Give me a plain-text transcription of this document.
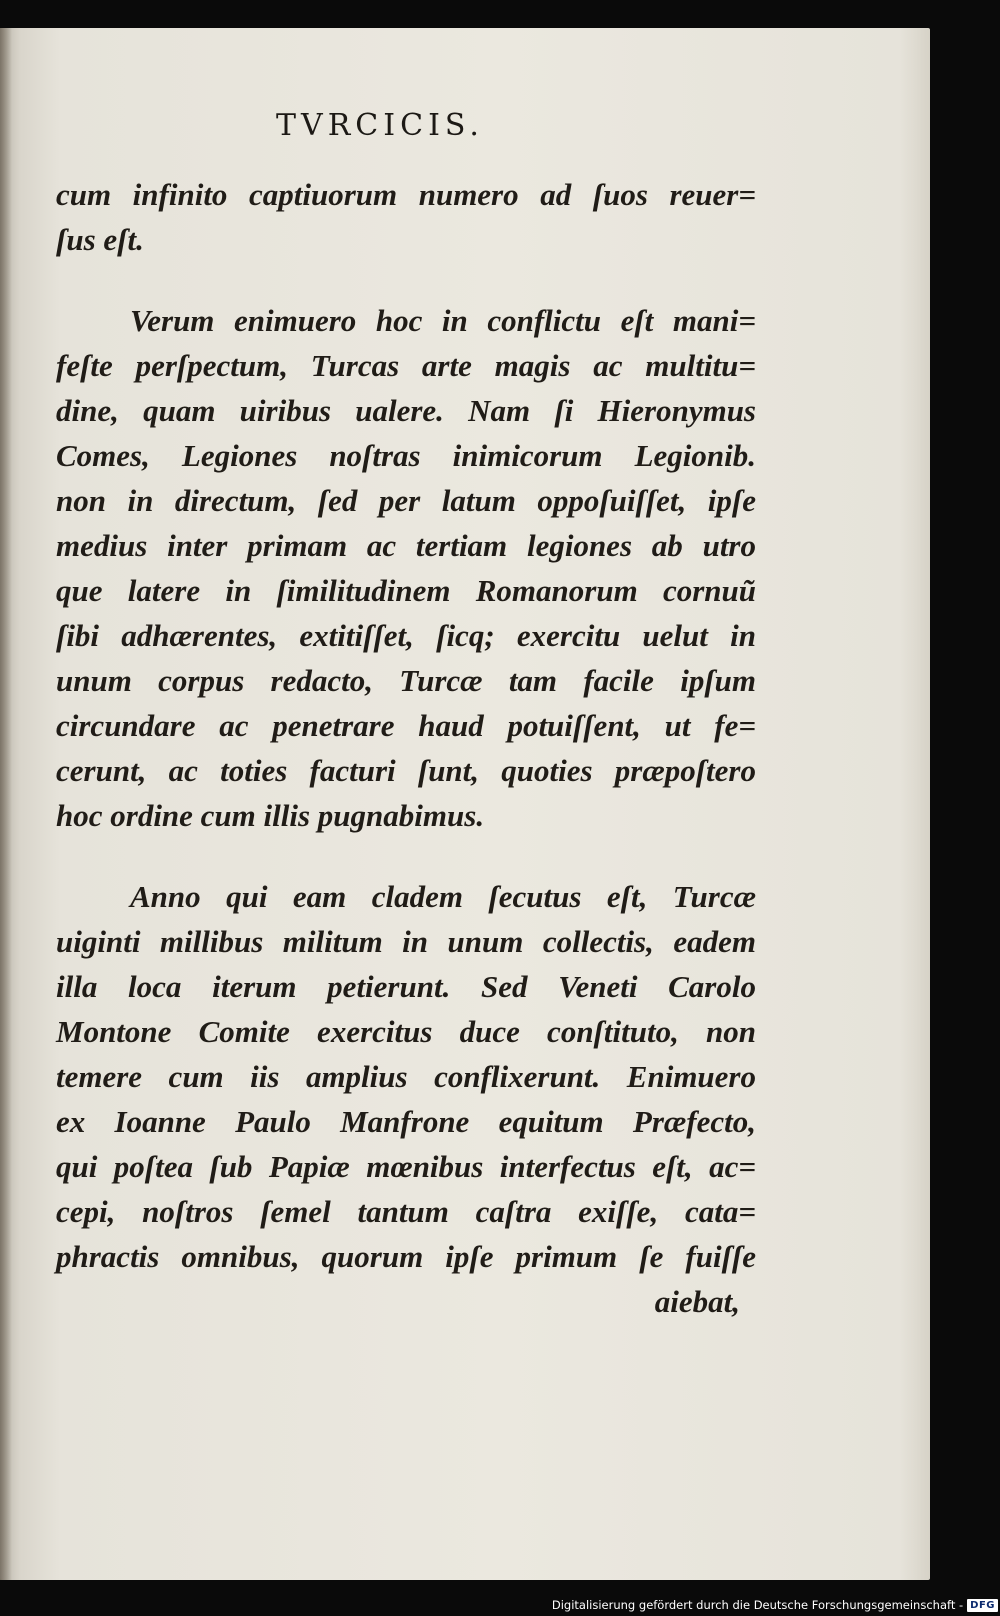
TVRCICIS.
cum infinito captiuorum numero ad ſuos reuer=
ſus eſt.
Verum enimuero hoc in conflictu eſt mani=
feſte perſpectum, Turcas arte magis ac multitu=
dine, quam uiribus ualere. Nam ſi Hieronymus
Comes, Legiones noſtras inimicorum Legionib.
non in directum, ſed per latum oppoſuiſſet, ipſe
medius inter primam ac tertiam legiones ab utro
que latere in ſimilitudinem Romanorum cornuũ
ſibi adhærentes, extitiſſet, ſicq; exercitu uelut in
unum corpus redacto, Turcæ tam facile ipſum
circundare ac penetrare haud potuiſſent, ut fe=
cerunt, ac toties facturi ſunt, quoties præpoſtero
hoc ordine cum illis pugnabimus.
Anno qui eam cladem ſecutus eſt, Turcæ
uiginti millibus militum in unum collectis, eadem
illa loca iterum petierunt. Sed Veneti Carolo
Montone Comite exercitus duce conſtituto, non
temere cum iis amplius conflixerunt. Enimuero
ex Ioanne Paulo Manfrone equitum Præfecto,
qui poſtea ſub Papiæ mœnibus interfectus eſt, ac=
cepi, noſtros ſemel tantum caſtra exiſſe, cata=
phractis omnibus, quorum ipſe primum ſe fuiſſe
aiebat,
Digitalisierung gefördert durch die Deutsche Forschungsgemeinschaft - DFG
